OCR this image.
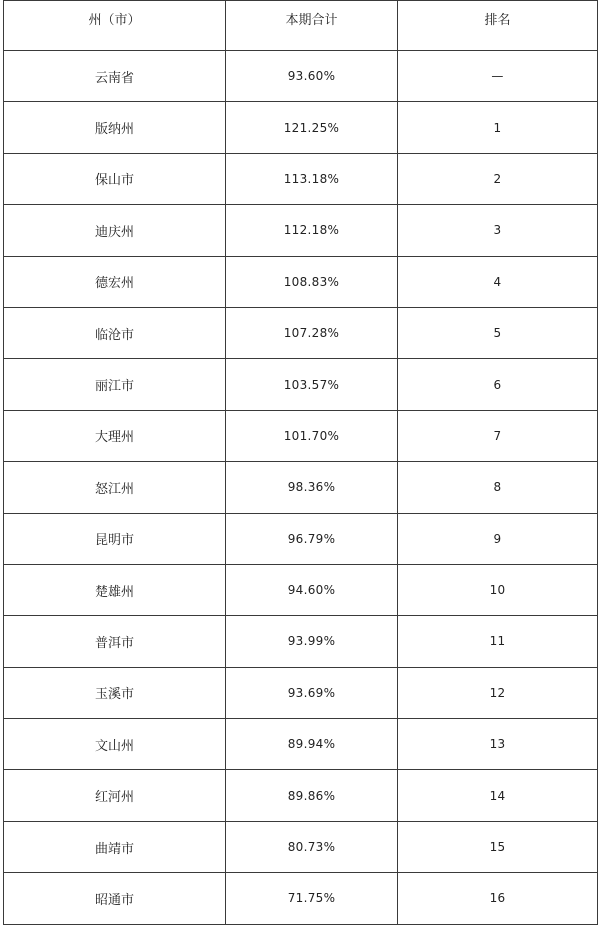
州（市）	本期合计	排名
云南省	93.60%	—
版纳州	121.25%	1
保山市	113.18%	2
迪庆州	112.18%	3
德宏州	108.83%	4
临沧市	107.28%	5
丽江市	103.57%	6
大理州	101.70%	7
怒江州	98.36%	8
昆明市	96.79%	9
楚雄州	94.60%	10
普洱市	93.99%	11
玉溪市	93.69%	12
文山州	89.94%	13
红河州	89.86%	14
曲靖市	80.73%	15
昭通市	71.75%	16
